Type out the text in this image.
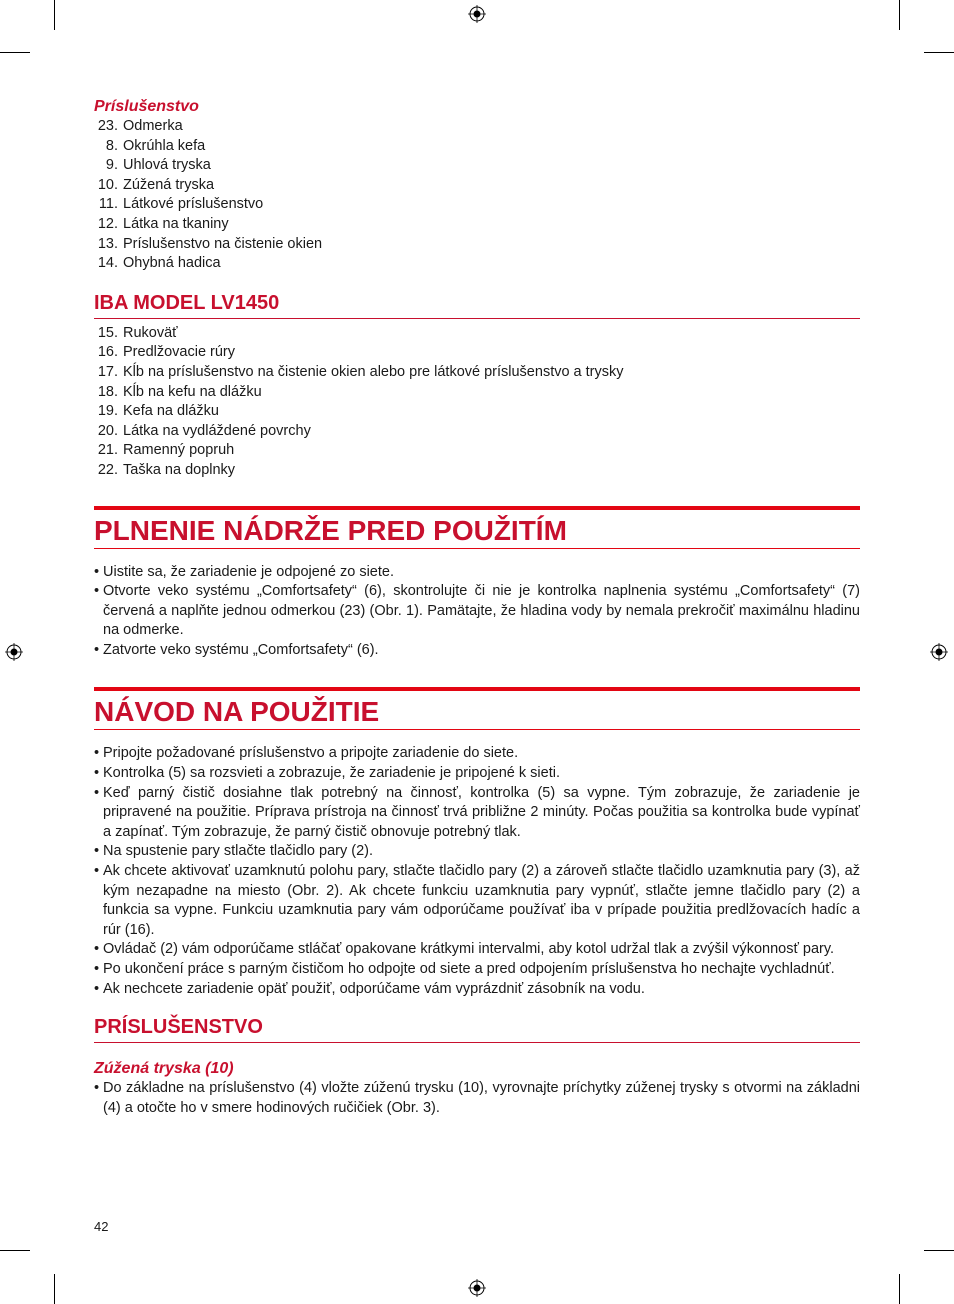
Príslušenstvo
23. Odmerka
8. Okrúhla kefa
9. Uhlová tryska
10. Zúžená tryska
11. Látkové príslušenstvo
12. Látka na tkaniny
13. Príslušenstvo na čistenie okien
14. Ohybná hadica
IBA MODEL LV1450
15. Rukoväť
16. Predlžovacie rúry
17. Kĺb na príslušenstvo na čistenie okien alebo pre látkové príslušenstvo a trysky
18. Kĺb na kefu na dlážku
19. Kefa na dlážku
20. Látka na vydláždené povrchy
21. Ramenný popruh
22. Taška na doplnky
PLNENIE NÁDRŽE PRED POUŽITÍM
• Uistite sa, že zariadenie je odpojené zo siete.
• Otvorte veko systému „Comfortsafety“ (6), skontrolujte či nie je kontrolka naplnenia systému „Comfortsafety“ (7) červená a naplňte jednou odmerkou (23) (Obr. 1). Pamätajte, že hladina vody by nemala prekročiť maximálnu hladinu na odmerke.
• Zatvorte veko systému „Comfortsafety“ (6).
NÁVOD NA POUŽITIE
• Pripojte požadované príslušenstvo a pripojte zariadenie do siete.
• Kontrolka (5) sa rozsvieti a zobrazuje, že zariadenie je pripojené k sieti.
• Keď parný čistič dosiahne tlak potrebný na činnosť, kontrolka (5) sa vypne. Tým zobrazuje, že zariadenie je pripravené na použitie. Príprava prístroja na činnosť trvá približne 2 minúty. Počas použitia sa kontrolka bude vypínať a zapínať. Tým zobrazuje, že parný čistič obnovuje potrebný tlak.
• Na spustenie pary stlačte tlačidlo pary (2).
• Ak chcete aktivovať uzamknutú polohu pary, stlačte tlačidlo pary (2) a zároveň stlačte tlačidlo uzamknutia pary (3), až kým nezapadne na miesto (Obr. 2). Ak chcete funkciu uzamknutia pary vypnúť, stlačte jemne tlačidlo pary (2) a funkcia sa vypne. Funkciu uzamknutia pary vám odporúčame používať iba v prípade použitia predlžovacích hadíc a rúr (16).
• Ovládač (2) vám odporúčame stláčať opakovane krátkymi intervalmi, aby kotol udržal tlak a zvýšil výkonnosť pary.
• Po ukončení práce s parným čističom ho odpojte od siete a pred odpojením príslušenstva ho nechajte vychladnúť.
• Ak nechcete zariadenie opäť použiť, odporúčame vám vyprázdniť zásobník na vodu.
PRÍSLUŠENSTVO
Zúžená tryska (10)
• Do základne na príslušenstvo (4) vložte zúženú trysku (10), vyrovnajte príchytky zúženej trysky s otvormi na základni (4) a otočte ho v smere hodinových ručičiek (Obr. 3).
42
